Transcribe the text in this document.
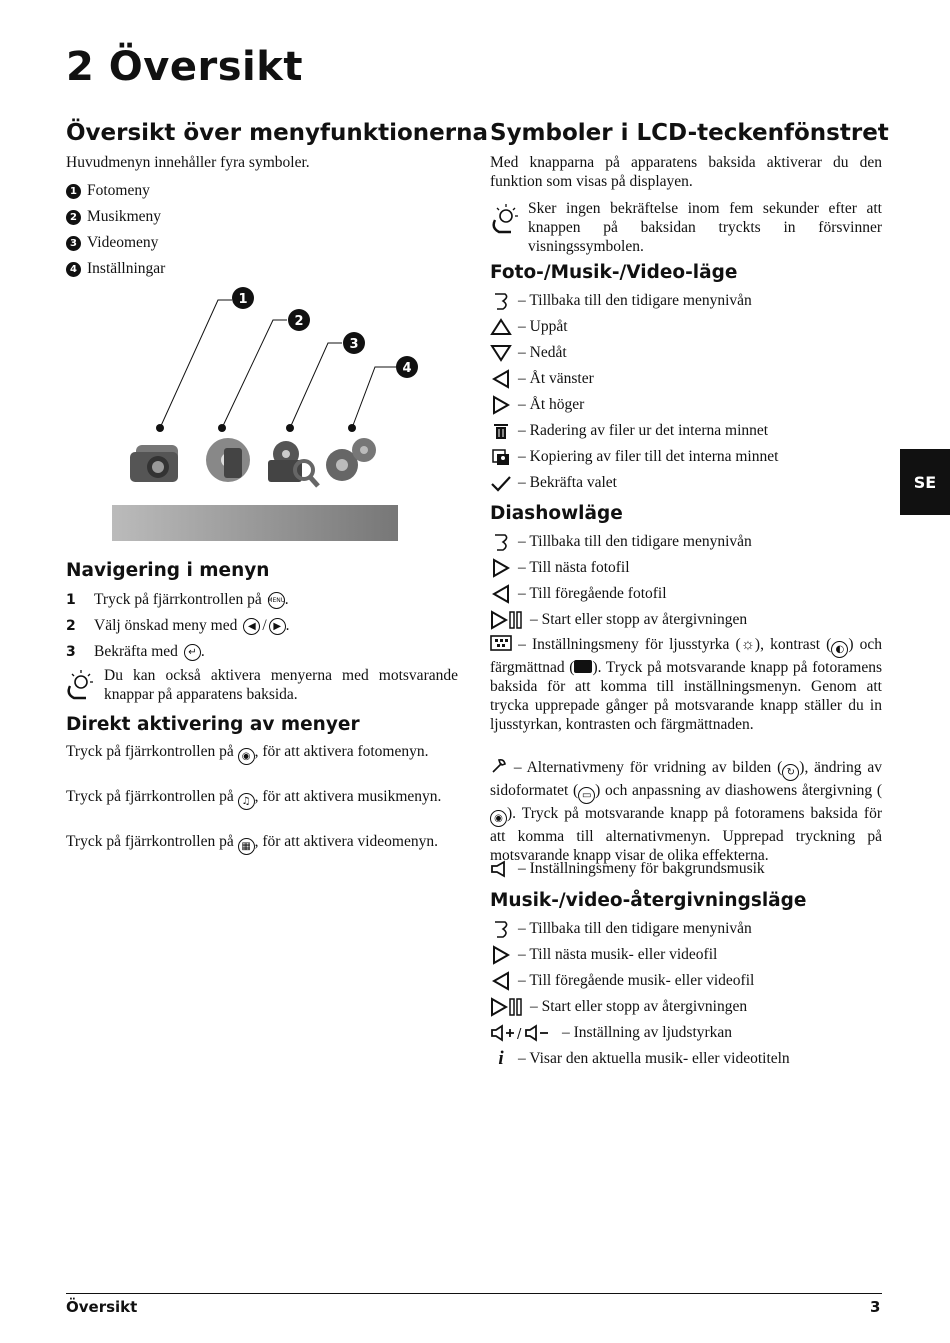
2 Översikt
Översikt över menyfunktionerna
Huvudmenyn innehåller fyra symboler.
1 Fotomeny
2 Musikmeny
3 Videomeny
4 Inställningar
1
2
3
4
Navigering i menyn
1	Tryck på fjärrkontrollen på MENU .
2	Välj önskad meny med	◀ / ▶ .
3	Bekräfta med	↵ .
Du kan också aktivera menyerna med motsvarande knappar på apparatens baksida.
Direkt aktivering av menyer
Tryck på fjärrkontrollen på ◉ , för att aktivera fotomenyn.
Tryck på fjärrkontrollen på ♫ , för att aktivera musikmenyn.
Tryck på fjärrkontrollen på ▦ , för att aktivera videomenyn.
Symboler i LCD-teckenfönstret
Med knapparna på apparatens baksida aktiverar du den funktion som visas på displayen.
Sker ingen bekräftelse inom fem sekunder efter att knappen på baksidan tryckts in försvinner visningssymbolen.
Foto-/Musik-/Video-läge
– Tillbaka till den tidigare menynivån
– Uppåt
– Nedåt
– Åt vänster
– Åt höger
– Radering av filer ur det interna minnet
– Kopiering av filer till det interna minnet
– Bekräfta valet
Diashowläge
– Tillbaka till den tidigare menynivån
– Till nästa fotofil
– Till föregående fotofil
– Start eller stopp av återgivningen
– Inställningsmeny för ljusstyrka (☼), kontrast ( ◐ ) och färgmättnad ( ). Tryck på motsvarande knapp på fotoramens baksida för att komma till inställningsmenyn. Genom att trycka upprepade gånger på motsvarande knapp ställer du in ljusstyrkan, kontrasten och färgmättnaden.
– Alternativmeny för vridning av bilden ( ↻ ), ändring av sidoformatet ( ▭ ) och anpassning av diashowens återgivning (◉ ). Tryck på motsvarande knapp på fotoramens baksida för att komma till alternativmenyn. Upprepad tryckning på motsvarande knapp visar de olika effekterna.
– Inställningsmeny för bakgrundsmusik
Musik-/video-återgivningsläge
– Tillbaka till den tidigare menynivån
– Till nästa musik- eller videofil
– Till föregående musik- eller videofil
– Start eller stopp av återgivningen
/	– Inställning av ljudstyrkan
i – Visar den aktuella musik- eller videotiteln
SE
Översikt	3
